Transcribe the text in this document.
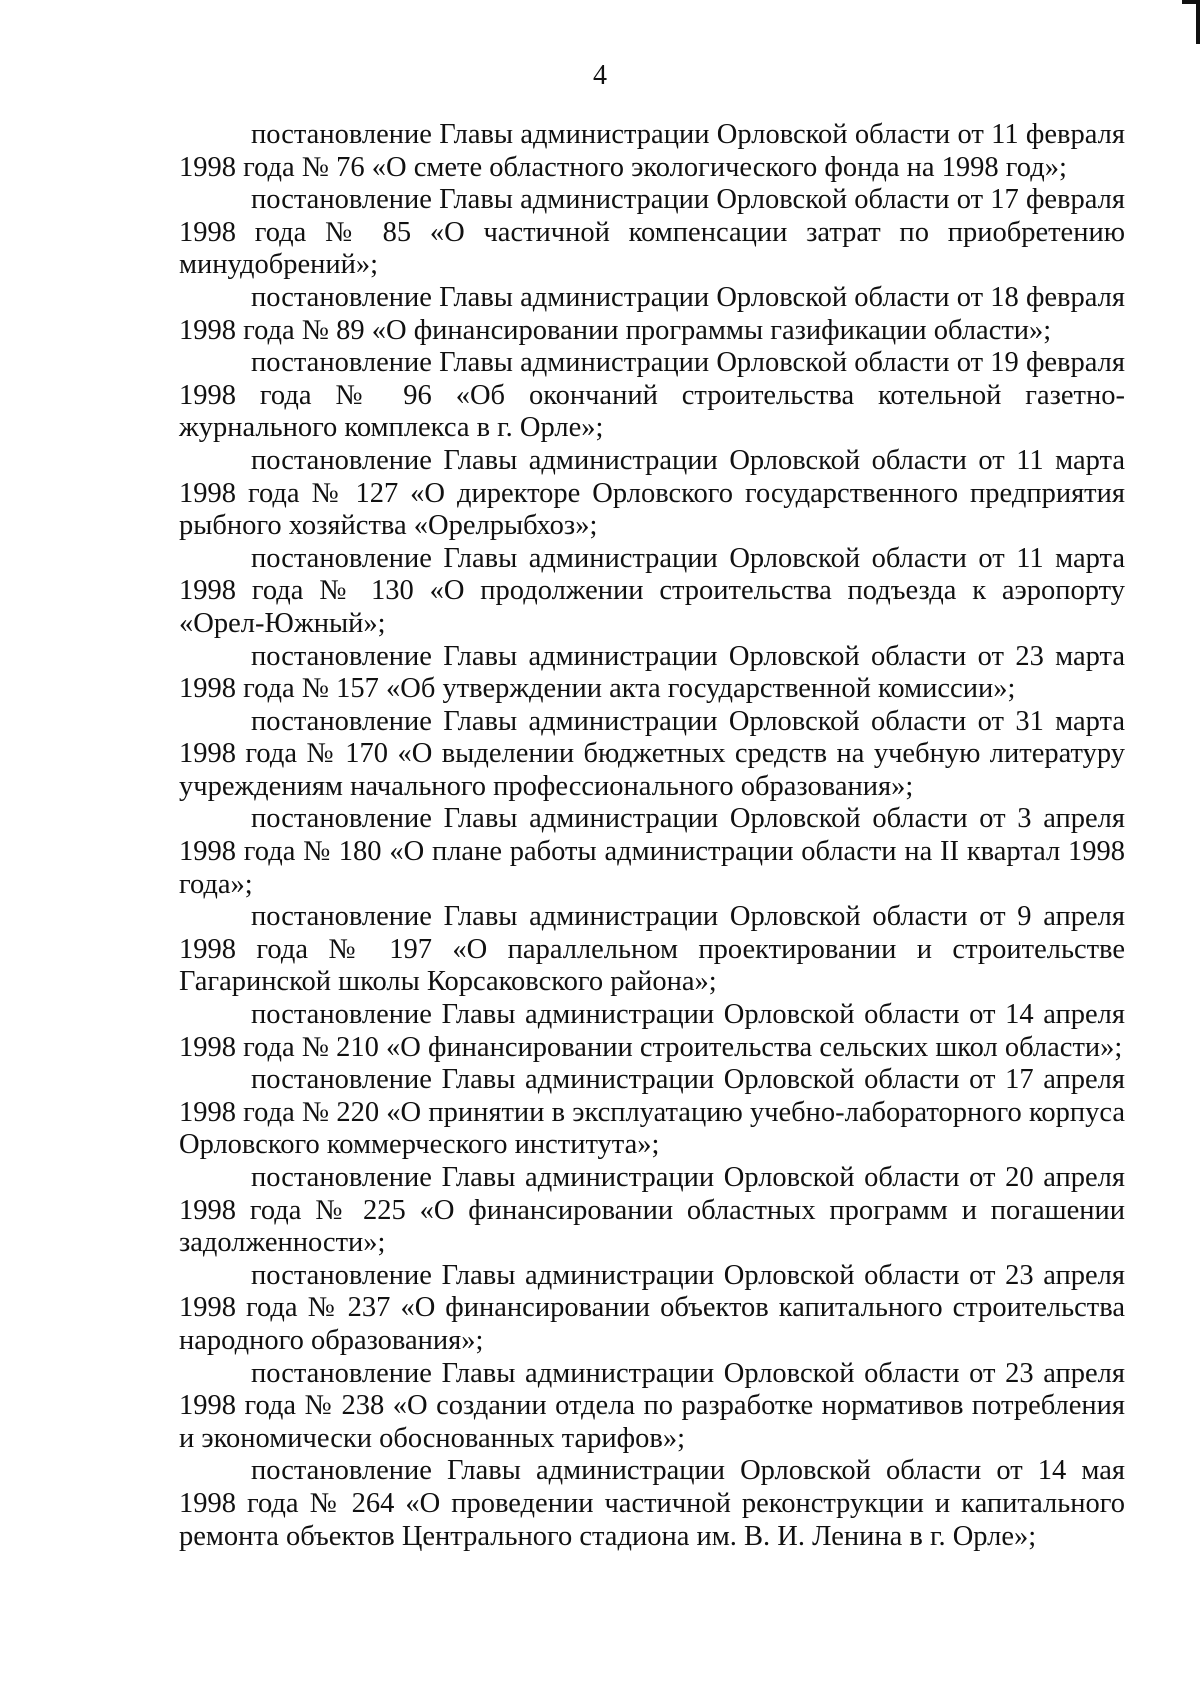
4

постановление Главы администрации Орловской области от 11 февраля 1998 года № 76 «О смете областного экологического фонда на 1998 год»;

постановление Главы администрации Орловской области от 17 февраля 1998 года № 85 «О частичной компенсации затрат по приобретению минудобрений»;

постановление Главы администрации Орловской области от 18 февраля 1998 года № 89 «О финансировании программы газификации области»;

постановление Главы администрации Орловской области от 19 февраля 1998 года № 96 «Об окончаний строительства котельной газетно-журнального комплекса в г. Орле»;

постановление Главы администрации Орловской области от 11 марта 1998 года № 127 «О директоре Орловского государственного предприятия рыбного хозяйства «Орелрыбхоз»;

постановление Главы администрации Орловской области от 11 марта 1998 года № 130 «О продолжении строительства подъезда к аэропорту «Орел-Южный»;

постановление Главы администрации Орловской области от 23 марта 1998 года № 157 «Об утверждении акта государственной комиссии»;

постановление Главы администрации Орловской области от 31 марта 1998 года № 170 «О выделении бюджетных средств на учебную литературу учреждениям начального профессионального образования»;

постановление Главы администрации Орловской области от 3 апреля 1998 года № 180 «О плане работы администрации области на II квартал 1998 года»;

постановление Главы администрации Орловской области от 9 апреля 1998 года № 197 «О параллельном проектировании и строительстве Гагаринской школы Корсаковского района»;

постановление Главы администрации Орловской области от 14 апреля 1998 года № 210 «О финансировании строительства сельских школ области»;

постановление Главы администрации Орловской области от 17 апреля 1998 года № 220 «О принятии в эксплуатацию учебно-лабораторного корпуса Орловского коммерческого института»;

постановление Главы администрации Орловской области от 20 апреля 1998 года № 225 «О финансировании областных программ и погашении задолженности»;

постановление Главы администрации Орловской области от 23 апреля 1998 года № 237 «О финансировании объектов капитального строительства народного образования»;

постановление Главы администрации Орловской области от 23 апреля 1998 года № 238 «О создании отдела по разработке нормативов потребления и экономически обоснованных тарифов»;

постановление Главы администрации Орловской области от 14 мая 1998 года № 264 «О проведении частичной реконструкции и капитального ремонта объектов Центрального стадиона им. В. И. Ленина в г. Орле»;
